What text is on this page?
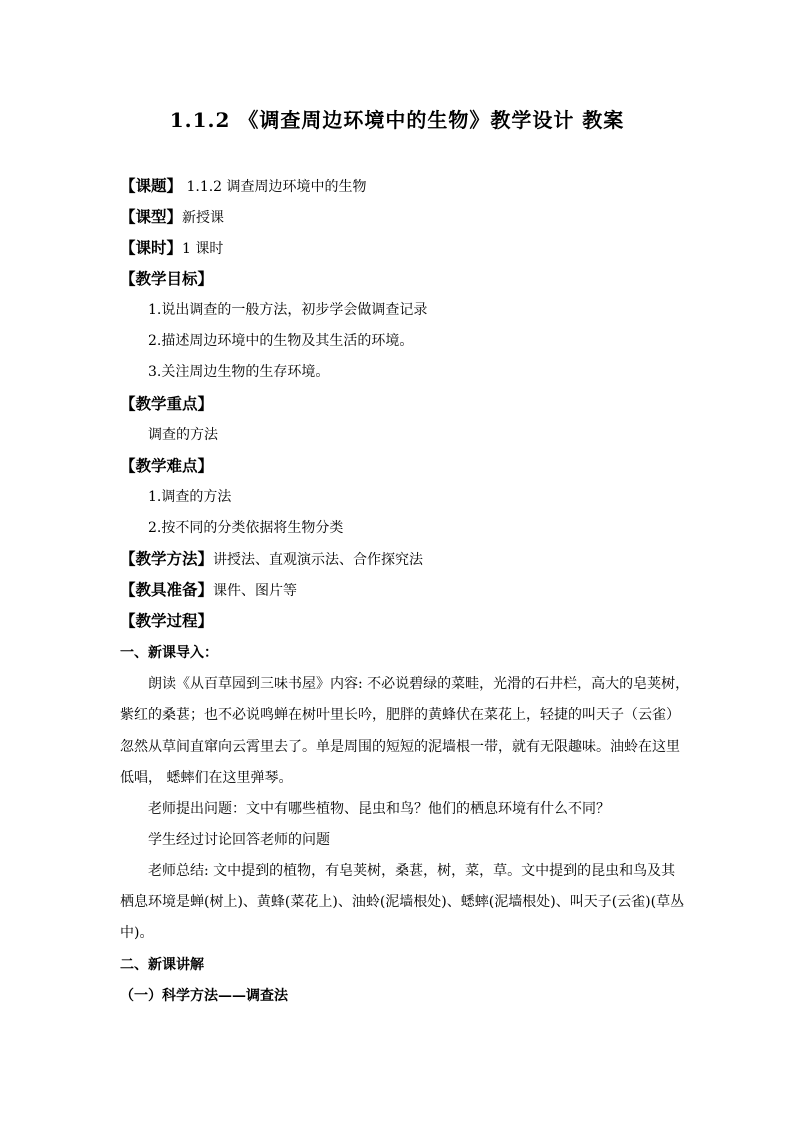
1.1.2 《调查周边环境中的生物》教学设计 教案
【课题】 1.1.2 调查周边环境中的生物
【课型】新授课
【课时】1 课时
【教学目标】
1.说出调查的一般方法，初步学会做调查记录
2.描述周边环境中的生物及其生活的环境。
3.关注周边生物的生存环境。
【教学重点】
调查的方法
【教学难点】
1.调查的方法
2.按不同的分类依据将生物分类
【教学方法】讲授法、直观演示法、合作探究法
【教具准备】课件、图片等
【教学过程】
一、新课导入：
朗读《从百草园到三味书屋》内容: 不必说碧绿的菜畦，光滑的石井栏，高大的皂荚树，
紫红的桑葚；也不必说鸣蝉在树叶里长吟，肥胖的黄蜂伏在菜花上，轻捷的叫天子（云雀）
忽然从草间直窜向云霄里去了。单是周围的短短的泥墙根一带，就有无限趣味。油蛉在这里
低唱， 蟋蟀们在这里弹琴。
老师提出问题：文中有哪些植物、昆虫和鸟？他们的栖息环境有什么不同？
学生经过讨论回答老师的问题
老师总结: 文中提到的植物，有皂荚树，桑葚，树，菜，草。文中提到的昆虫和鸟及其
栖息环境是蝉(树上)、黄蜂(菜花上)、油蛉(泥墙根处)、蟋蟀(泥墙根处)、叫天子(云雀)(草丛
中)。
二、新课讲解
（一）科学方法——调查法
